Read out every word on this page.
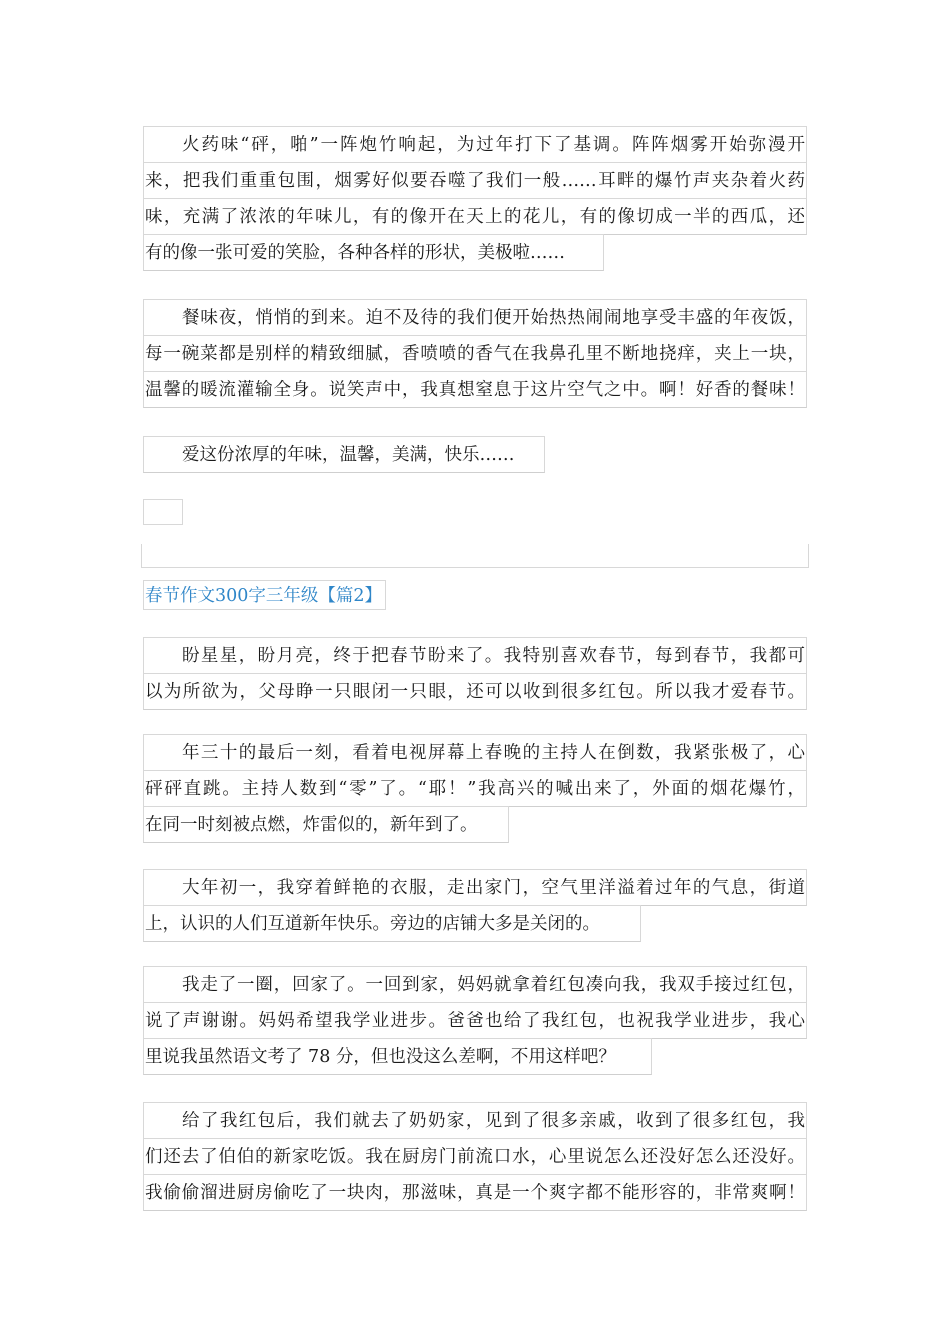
火药味“砰，啪”一阵炮竹响起，为过年打下了基调。阵阵烟雾开始弥漫开
来，把我们重重包围，烟雾好似要吞噬了我们一般……耳畔的爆竹声夹杂着火药
味，充满了浓浓的年味儿，有的像开在天上的花儿，有的像切成一半的西瓜，还
有的像一张可爱的笑脸，各种各样的形状，美极啦……
餐味夜，悄悄的到来。迫不及待的我们便开始热热闹闹地享受丰盛的年夜饭，
每一碗菜都是别样的精致细腻，香喷喷的香气在我鼻孔里不断地挠痒，夹上一块，
温馨的暖流灌输全身。说笑声中，我真想窒息于这片空气之中。啊！好香的餐味！
爱这份浓厚的年味，温馨，美满，快乐……
春节作文300字三年级【篇2】
盼星星，盼月亮，终于把春节盼来了。我特别喜欢春节，每到春节，我都可
以为所欲为，父母睁一只眼闭一只眼，还可以收到很多红包。所以我才爱春节。
年三十的最后一刻，看着电视屏幕上春晚的主持人在倒数，我紧张极了，心
砰砰直跳。主持人数到“零”了。“耶！”我高兴的喊出来了，外面的烟花爆竹，
在同一时刻被点燃，炸雷似的，新年到了。
大年初一，我穿着鲜艳的衣服，走出家门，空气里洋溢着过年的气息，街道
上，认识的人们互道新年快乐。旁边的店铺大多是关闭的。
我走了一圈，回家了。一回到家，妈妈就拿着红包凑向我，我双手接过红包，
说了声谢谢。妈妈希望我学业进步。爸爸也给了我红包，也祝我学业进步，我心
里说我虽然语文考了 78 分，但也没这么差啊，不用这样吧？
给了我红包后，我们就去了奶奶家，见到了很多亲戚，收到了很多红包，我
们还去了伯伯的新家吃饭。我在厨房门前流口水，心里说怎么还没好怎么还没好。
我偷偷溜进厨房偷吃了一块肉，那滋味，真是一个爽字都不能形容的，非常爽啊！
